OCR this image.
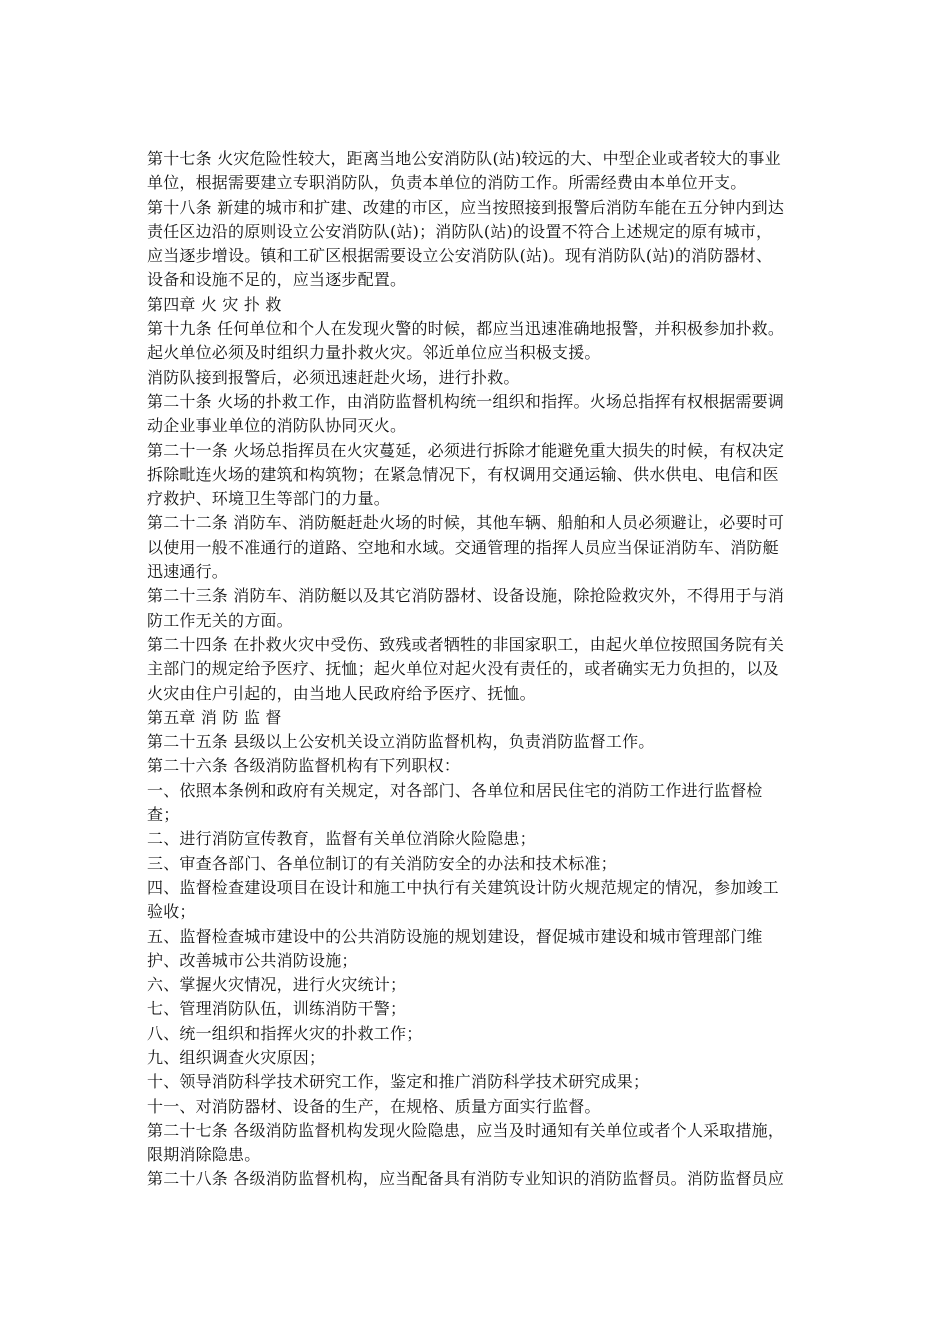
第十七条 火灾危险性较大，距离当地公安消防队(站)较远的大、中型企业或者较大的事业
单位，根据需要建立专职消防队，负责本单位的消防工作。所需经费由本单位开支。
第十八条 新建的城市和扩建、改建的市区，应当按照接到报警后消防车能在五分钟内到达
责任区边沿的原则设立公安消防队(站)；消防队(站)的设置不符合上述规定的原有城市，
应当逐步增设。镇和工矿区根据需要设立公安消防队(站)。现有消防队(站)的消防器材、
设备和设施不足的，应当逐步配置。
第四章 火 灾 扑 救
第十九条 任何单位和个人在发现火警的时候，都应当迅速准确地报警，并积极参加扑救。
起火单位必须及时组织力量扑救火灾。邻近单位应当积极支援。
消防队接到报警后，必须迅速赶赴火场，进行扑救。
第二十条 火场的扑救工作，由消防监督机构统一组织和指挥。火场总指挥有权根据需要调
动企业事业单位的消防队协同灭火。
第二十一条 火场总指挥员在火灾蔓延，必须进行拆除才能避免重大损失的时候，有权决定
拆除毗连火场的建筑和构筑物；在紧急情况下，有权调用交通运输、供水供电、电信和医
疗救护、环境卫生等部门的力量。
第二十二条 消防车、消防艇赶赴火场的时候，其他车辆、船舶和人员必须避让，必要时可
以使用一般不准通行的道路、空地和水域。交通管理的指挥人员应当保证消防车、消防艇
迅速通行。
第二十三条 消防车、消防艇以及其它消防器材、设备设施，除抢险救灾外，不得用于与消
防工作无关的方面。
第二十四条 在扑救火灾中受伤、致残或者牺牲的非国家职工，由起火单位按照国务院有关
主部门的规定给予医疗、抚恤；起火单位对起火没有责任的，或者确实无力负担的，以及
火灾由住户引起的，由当地人民政府给予医疗、抚恤。
第五章 消 防 监 督
第二十五条 县级以上公安机关设立消防监督机构，负责消防监督工作。
第二十六条 各级消防监督机构有下列职权：
一、依照本条例和政府有关规定，对各部门、各单位和居民住宅的消防工作进行监督检
查；
二、进行消防宣传教育，监督有关单位消除火险隐患；
三、审查各部门、各单位制订的有关消防安全的办法和技术标准；
四、监督检查建设项目在设计和施工中执行有关建筑设计防火规范规定的情况，参加竣工
验收；
五、监督检查城市建设中的公共消防设施的规划建设，督促城市建设和城市管理部门维
护、改善城市公共消防设施；
六、掌握火灾情况，进行火灾统计；
七、管理消防队伍，训练消防干警；
八、统一组织和指挥火灾的扑救工作；
九、组织调查火灾原因；
十、领导消防科学技术研究工作，鉴定和推广消防科学技术研究成果；
十一、对消防器材、设备的生产，在规格、质量方面实行监督。
第二十七条 各级消防监督机构发现火险隐患，应当及时通知有关单位或者个人采取措施，
限期消除隐患。
第二十八条 各级消防监督机构，应当配备具有消防专业知识的消防监督员。消防监督员应
